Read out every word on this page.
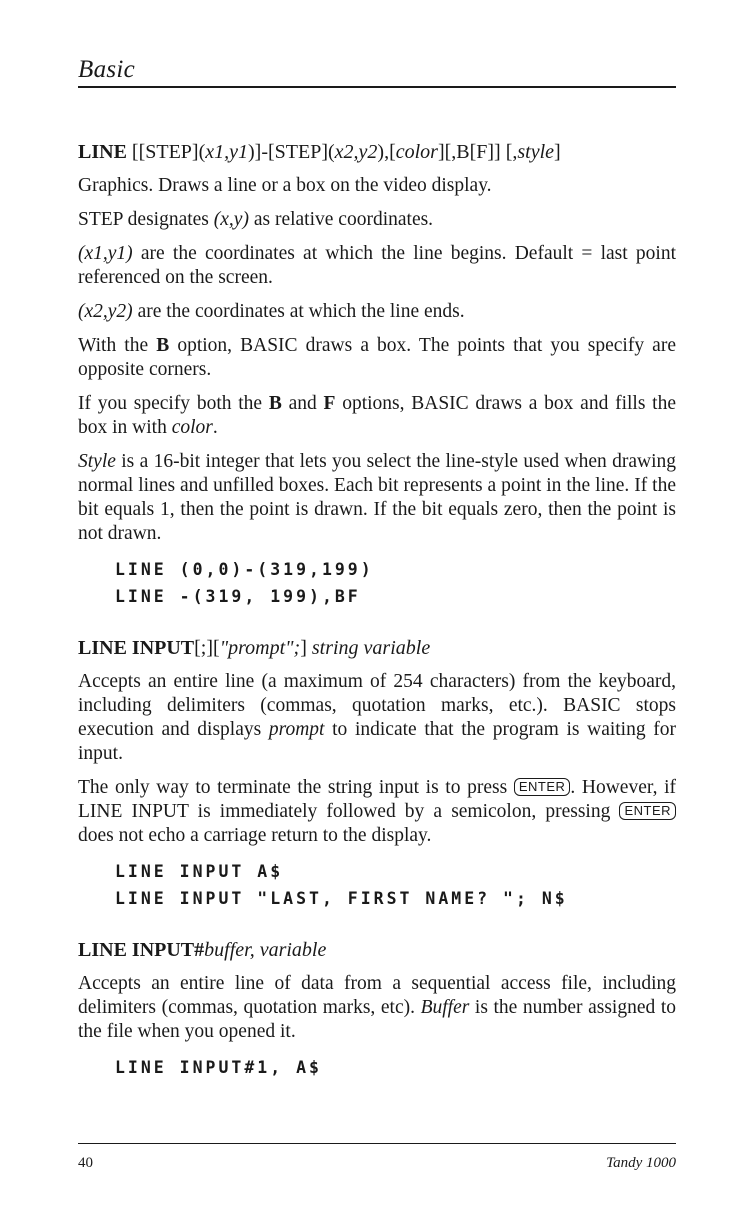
Basic
LINE [[STEP](x1,y1)]-[STEP](x2,y2),[color][,B[F]] [,style]

Graphics. Draws a line or a box on the video display.

STEP designates (x,y) as relative coordinates.

(x1,y1) are the coordinates at which the line begins. Default = last point referenced on the screen.

(x2,y2) are the coordinates at which the line ends.

With the B option, BASIC draws a box. The points that you specify are opposite corners.

If you specify both the B and F options, BASIC draws a box and fills the box in with color.

Style is a 16-bit integer that lets you select the line-style used when drawing normal lines and unfilled boxes. Each bit represents a point in the line. If the bit equals 1, then the point is drawn. If the bit equals zero, then the point is not drawn.

LINE (0,0)-(319,199)
LINE -(319, 199),BF
LINE INPUT[;]["prompt";] string variable

Accepts an entire line (a maximum of 254 characters) from the keyboard, including delimiters (commas, quotation marks, etc.). BASIC stops execution and displays prompt to indicate that the program is waiting for input.

The only way to terminate the string input is to press ENTER . However, if LINE INPUT is immediately followed by a semicolon, pressing ENTER does not echo a carriage return to the display.

LINE INPUT A$
LINE INPUT "LAST, FIRST NAME? "; N$
LINE INPUT#buffer, variable

Accepts an entire line of data from a sequential access file, including delimiters (commas, quotation marks, etc). Buffer is the number assigned to the file when you opened it.

LINE INPUT#1, A$
40	Tandy 1000
